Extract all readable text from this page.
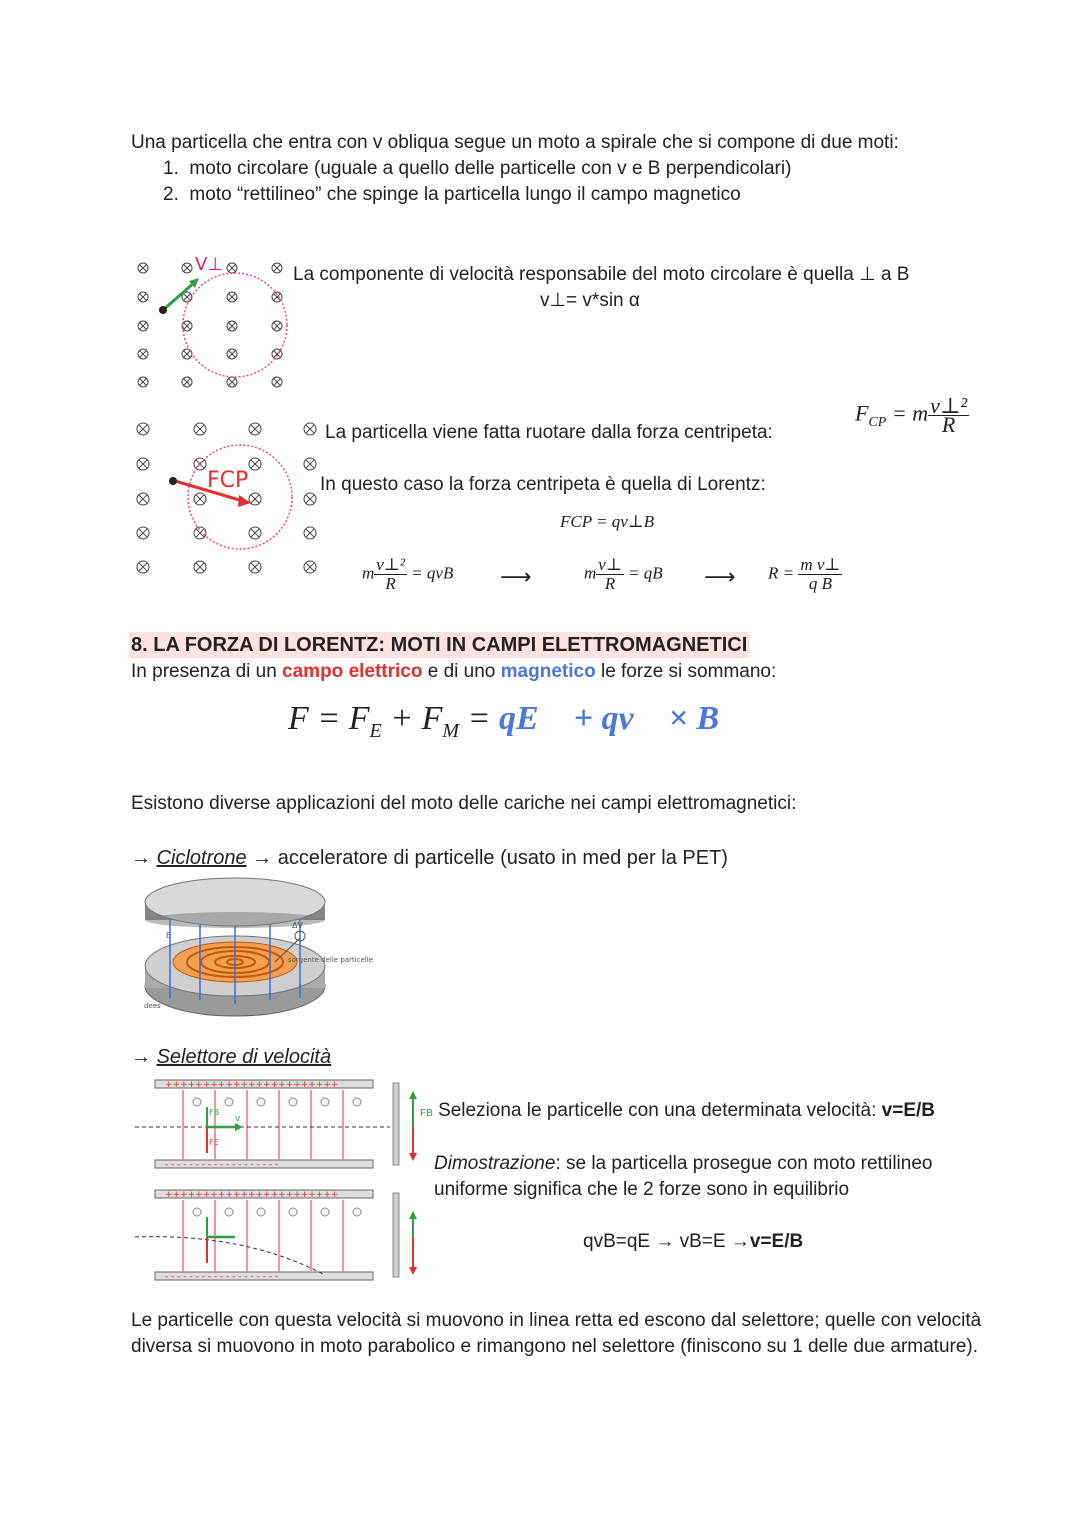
Una particella che entra con v obliqua segue un moto a spirale che si compone di due moti:
1. moto circolare (uguale a quello delle particelle con v e B perpendicolari)
2. moto “rettilineo” che spinge la particella lungo il campo magnetico
V⊥	La componente di velocità responsabile del moto circolare è quella ⊥ a B
v⊥= v*sin α
FCP
La particella viene fatta ruotare dalla forza centripeta:
$F_{CP} = m \frac{\text{v⊥²}}{R}$
In questo caso la forza centripeta è quella di Lorentz:
FCP = qv⊥B
m $\frac{\text{v⊥²}}{R}$ = qvB ⟶	m $\frac{v\perp}{R}$ = qB ⟶ $R = \frac{\text{m v⊥}}{\text{q B}}$
8. LA FORZA DI LORENTZ: MOTI IN CAMPI ELETTROMAGNETICI
In presenza di un campo elettrico e di uno magnetico le forze si sommano:
$F = F_E + F_M$ = qE⃗ + qv⃗ × B⃗
Esistono diverse applicazioni del moto delle cariche nei campi elettromagnetici:
→ Ciclotrone → acceleratore di particelle (usato in med per la PET)
ΔV
sorgente delle particelle
B
dees
→ Selettore di velocità
+++++++++++++++++++++++
- - - - - - - - - - - - - - - - - - -
FB
FE
v
+++++++++++++++++++++++
- - - - - - - - - - - - - - - - - - -
FB Seleziona le particelle con una determinata velocità: v=E/B
Dimostrazione: se la particella prosegue con moto rettilineo
uniforme significa che le 2 forze sono in equilibrio
qvB=qE → vB=E →v=E/B
Le particelle con questa velocità si muovono in linea retta ed escono dal selettore; quelle con velocità
diversa si muovono in moto parabolico e rimangono nel selettore (finiscono su 1 delle due armature).
